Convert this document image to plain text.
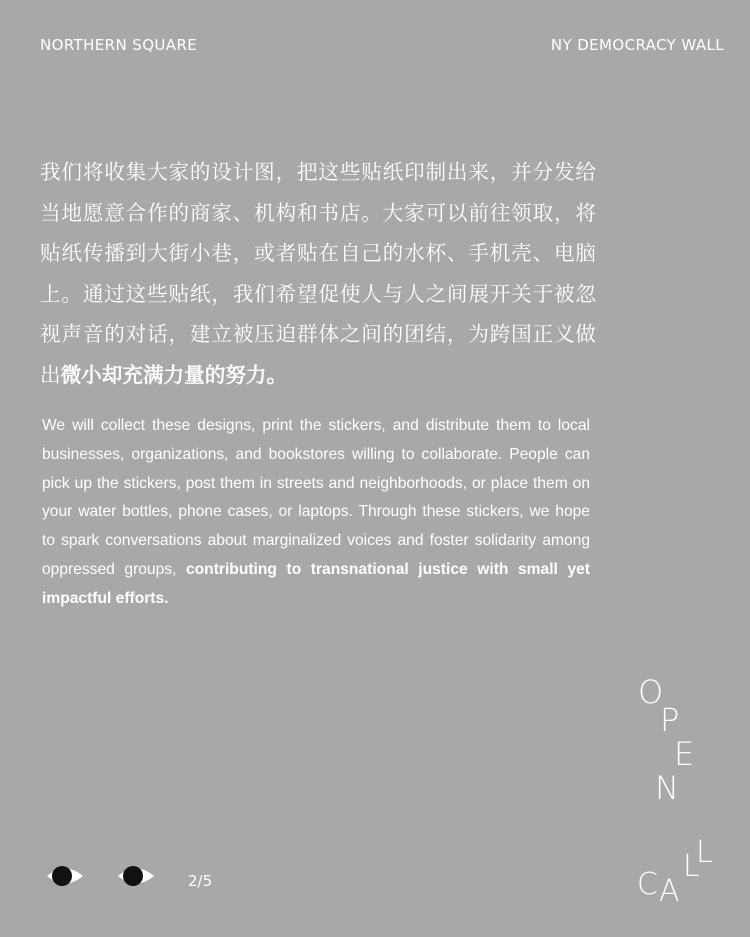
NORTHERN SQUARE	NY DEMOCRACY WALL

我们将收集大家的设计图，把这些贴纸印制出来，并分发给当地愿意合作的商家、机构和书店。大家可以前往领取，将贴纸传播到大街小巷，或者贴在自己的水杯、手机壳、电脑上。通过这些贴纸，我们希望促使人与人之间展开关于被忽视声音的对话，建立被压迫群体之间的团结，为跨国正义做出微小却充满力量的努力。

We will collect these designs, print the stickers, and distribute them to local businesses, organizations, and bookstores willing to collaborate. People can pick up the stickers, post them in streets and neighborhoods, or place them on your water bottles, phone cases, or laptops. Through these stickers, we hope to spark conversations about marginalized voices and foster solidarity among oppressed groups, contributing to transnational justice with small yet impactful efforts.

O
P
E
N
C A
L
L
2/5
